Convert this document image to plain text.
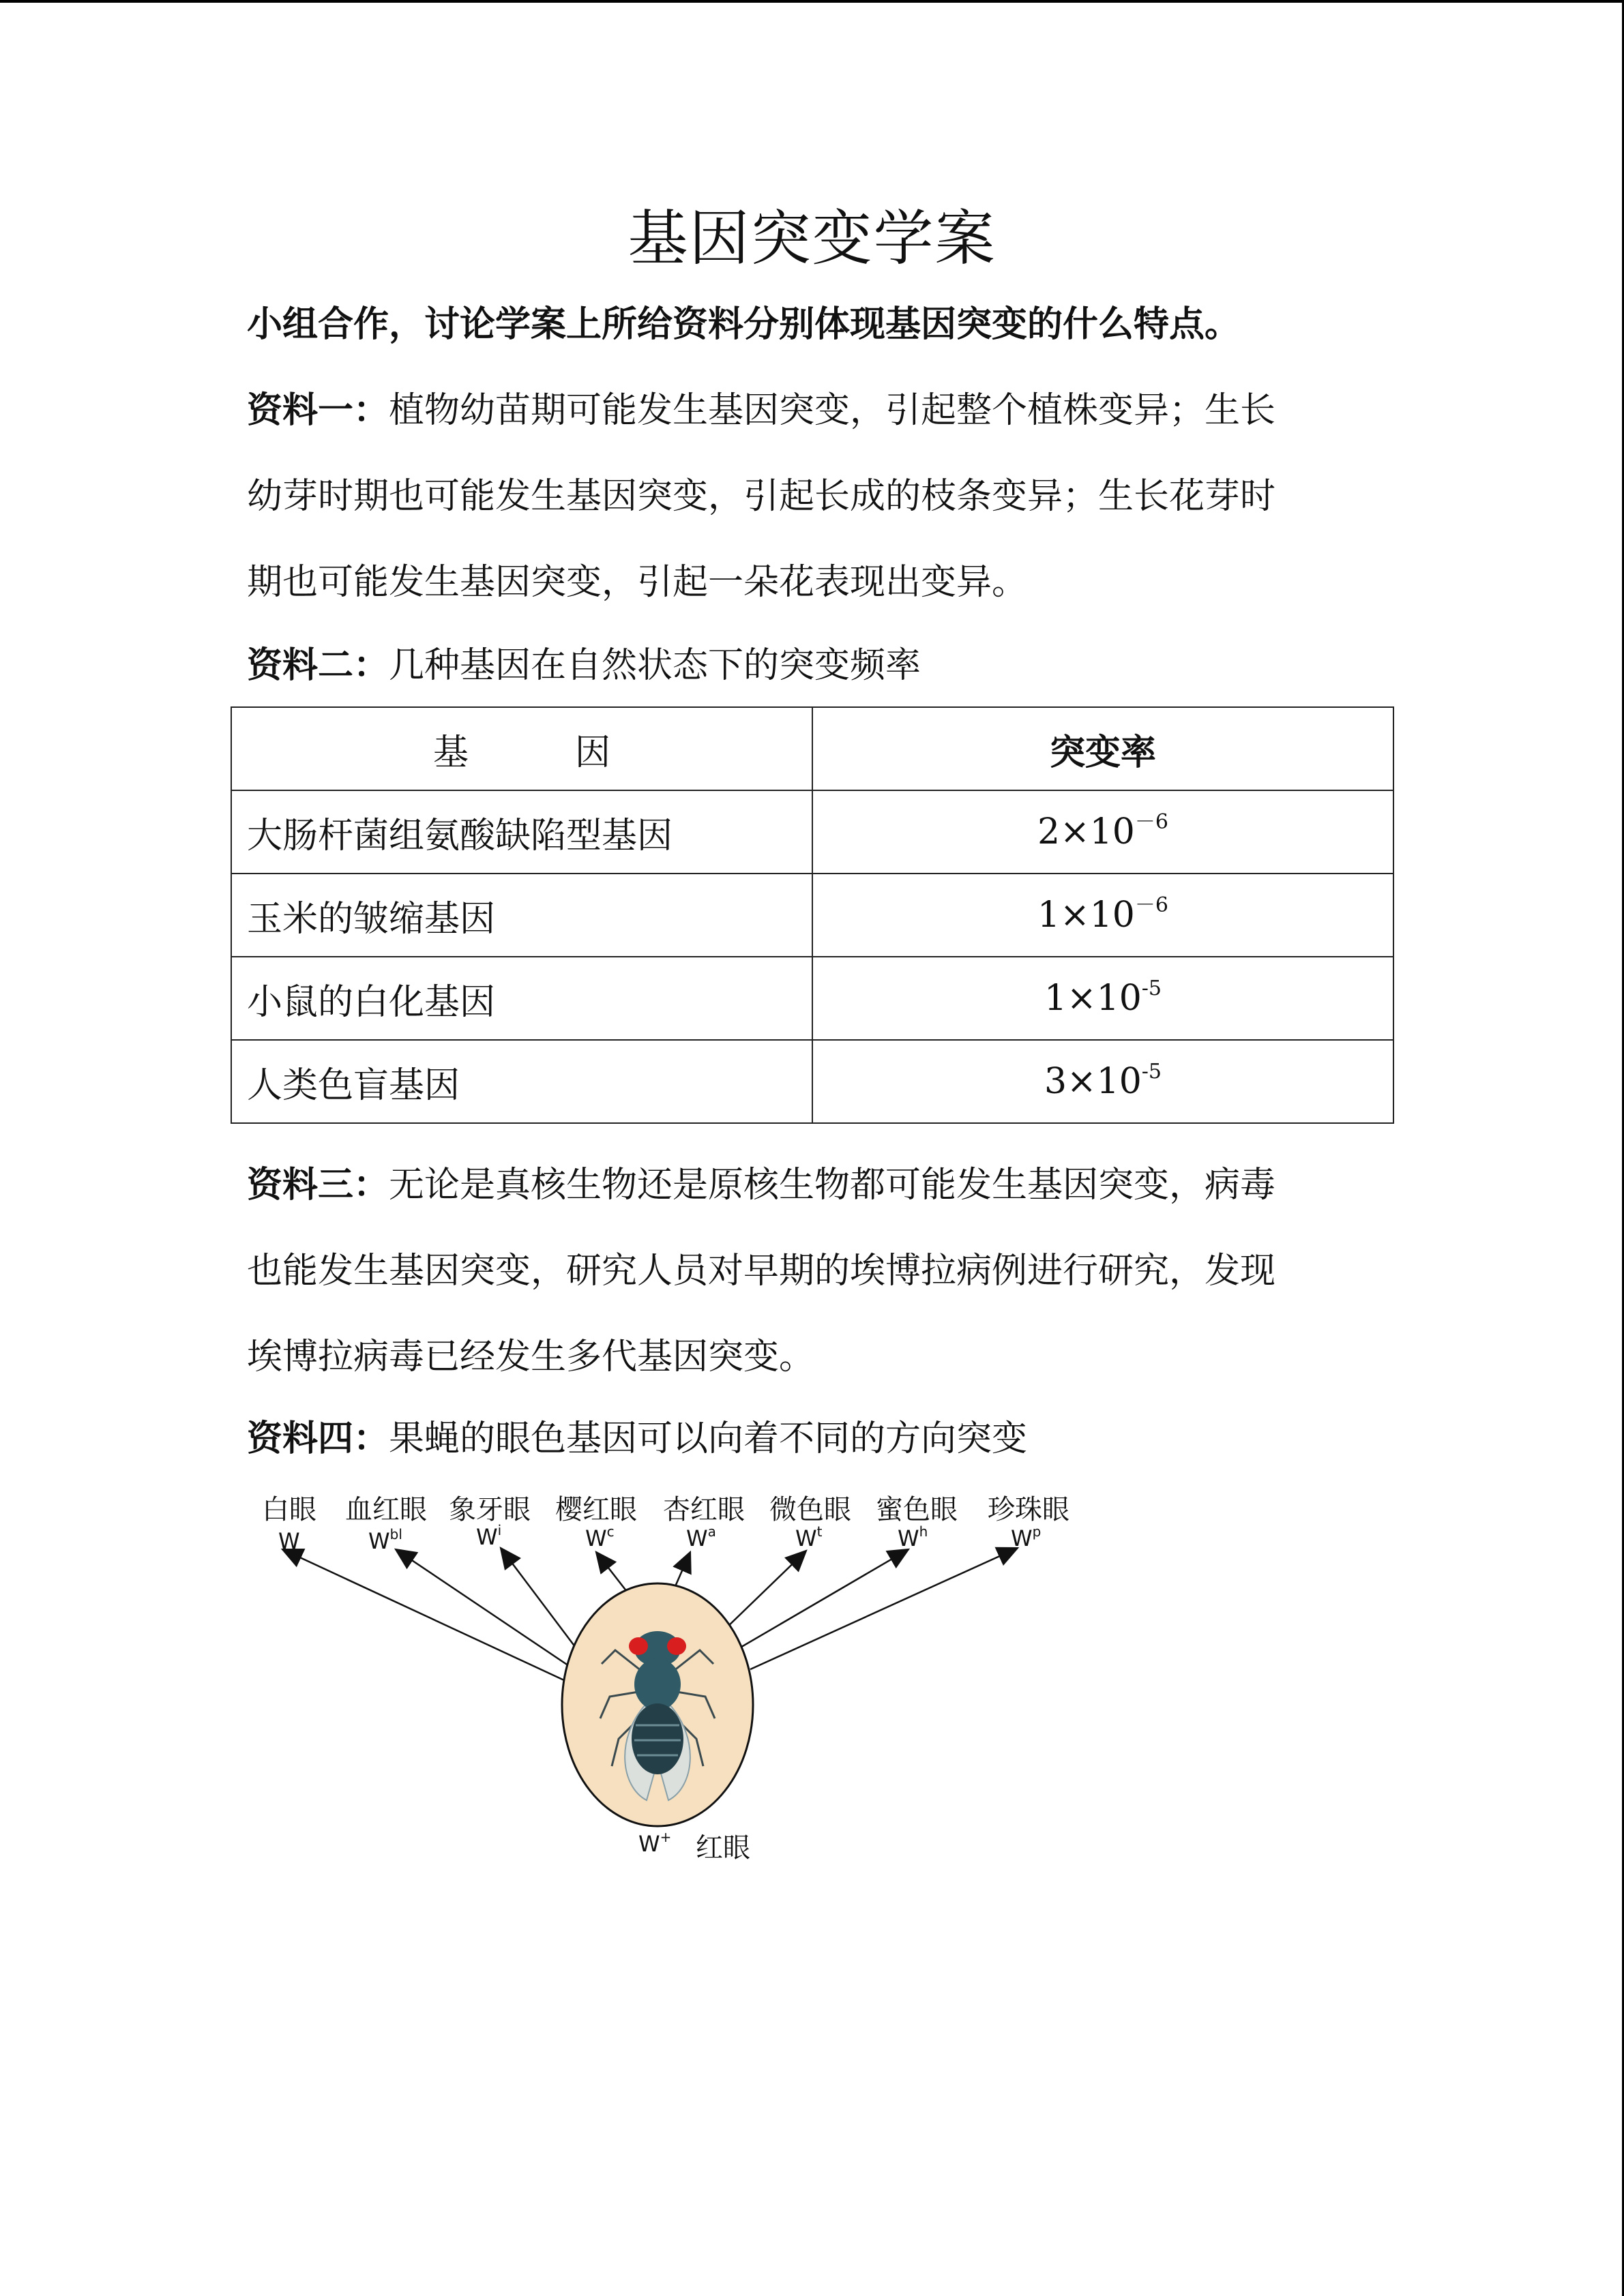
基因突变学案
小组合作，讨论学案上所给资料分别体现基因突变的什么特点。
资料一：植物幼苗期可能发生基因突变，引起整个植株变异；生长
幼芽时期也可能发生基因突变，引起长成的枝条变异；生长花芽时
期也可能发生基因突变，引起一朵花表现出变异。
资料二：几种基因在自然状态下的突变频率
基　　　因	突变率
大肠杆菌组氨酸缺陷型基因	$2\times 10^{-6}$
玉米的皱缩基因	$1\times 10^{-6}$
小鼠的白化基因	$1\times 10^{-5}$
人类色盲基因	$3\times 10^{-5}$
资料三：无论是真核生物还是原核生物都可能发生基因突变，病毒
也能发生基因突变，研究人员对早期的埃博拉病例进行研究，发现
埃博拉病毒已经发生多代基因突变。
资料四：果蝇的眼色基因可以向着不同的方向突变
白眼
W
血红眼
$W^{bl}$
象牙眼
$W^i$
樱红眼
$W^c$
杏红眼
$W^a$
微色眼
$W^t$
蜜色眼
$W^h$
珍珠眼
$W^p$
W+ 红眼
